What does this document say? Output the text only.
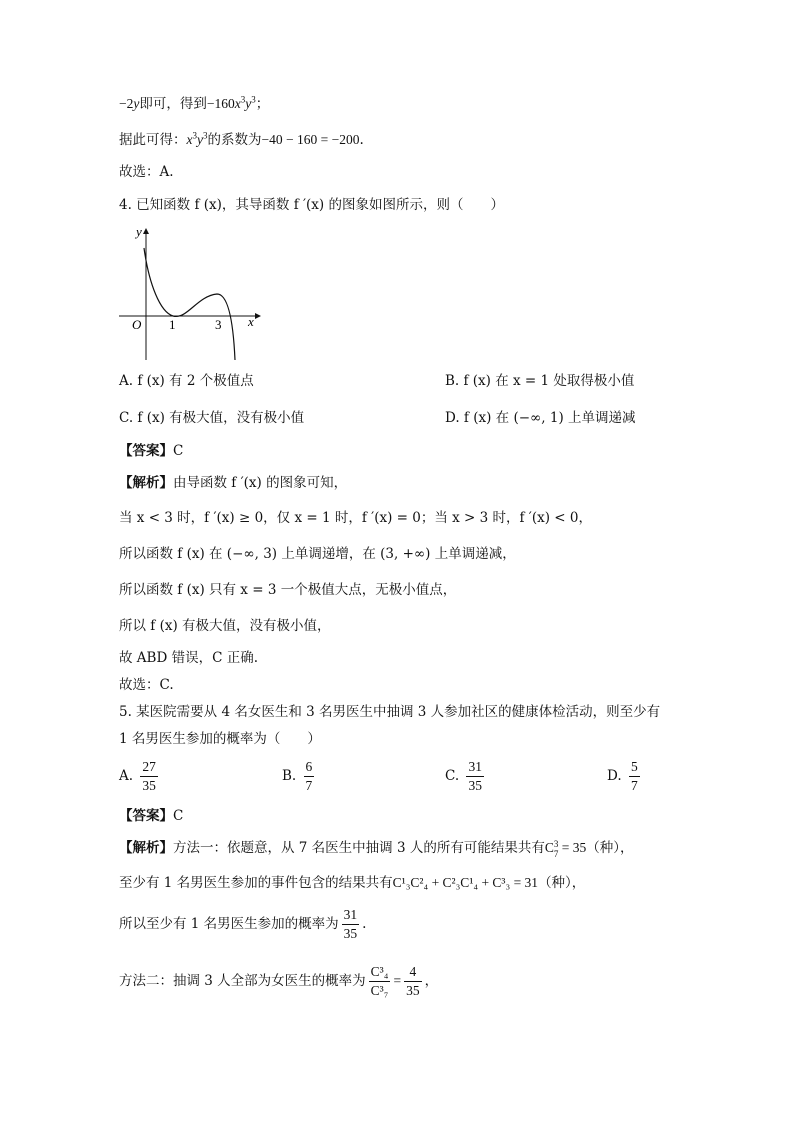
−2y即可，得到$-160x^3y^3$；
据此可得：$x^3y^3$的系数为−40 − 160 = −200.
故选：A.
4. 已知函数 f (x)，其导函数 f ′(x) 的图象如图所示，则（　　）
y
x
O 1	3
A. f (x) 有 2 个极值点	B. f (x) 在 x = 1 处取得极小值
C. f (x) 有极大值，没有极小值	D. f (x) 在 (−∞, 1) 上单调递减
【答案】C
【解析】由导函数 f ′(x) 的图象可知，
当 x < 3 时，f ′(x) ≥ 0，仅 x = 1 时，f ′(x) = 0；当 x > 3 时，f ′(x) < 0，
所以函数 f (x) 在 (−∞, 3) 上单调递增，在 (3, +∞) 上单调递减，
所以函数 f (x) 只有 x = 3 一个极值大点，无极小值点，
所以 f (x) 有极大值，没有极小值，
故 ABD 错误，C 正确.
故选：C.
5. 某医院需要从 4 名女医生和 3 名男医生中抽调 3 人参加社区的健康体检活动，则至少有
1 名男医生参加的概率为（　　）
A. $\frac{27}{35}$	B. $\frac{6}{7}$	C. $\frac{31}{35}$	D. $\frac{5}{7}$
【答案】C
【解析】方法一：依题意，从 7 名医生中抽调 3 人的所有可能结果共有C 3
7 = 35（种），
至少有 1 名男医生参加的事件包含的结果共有C¹₃C²₄ + C²₃C¹₄ + C³₃ = 31（种），
所以至少有 1 名男医生参加的概率为 $\frac{31}{35}$ .
方法二：抽调 3 人全部为女医生的概率为 $\frac{\text{C³₄}}{\text{C³₇}} = \frac{4}{35}$ ，
